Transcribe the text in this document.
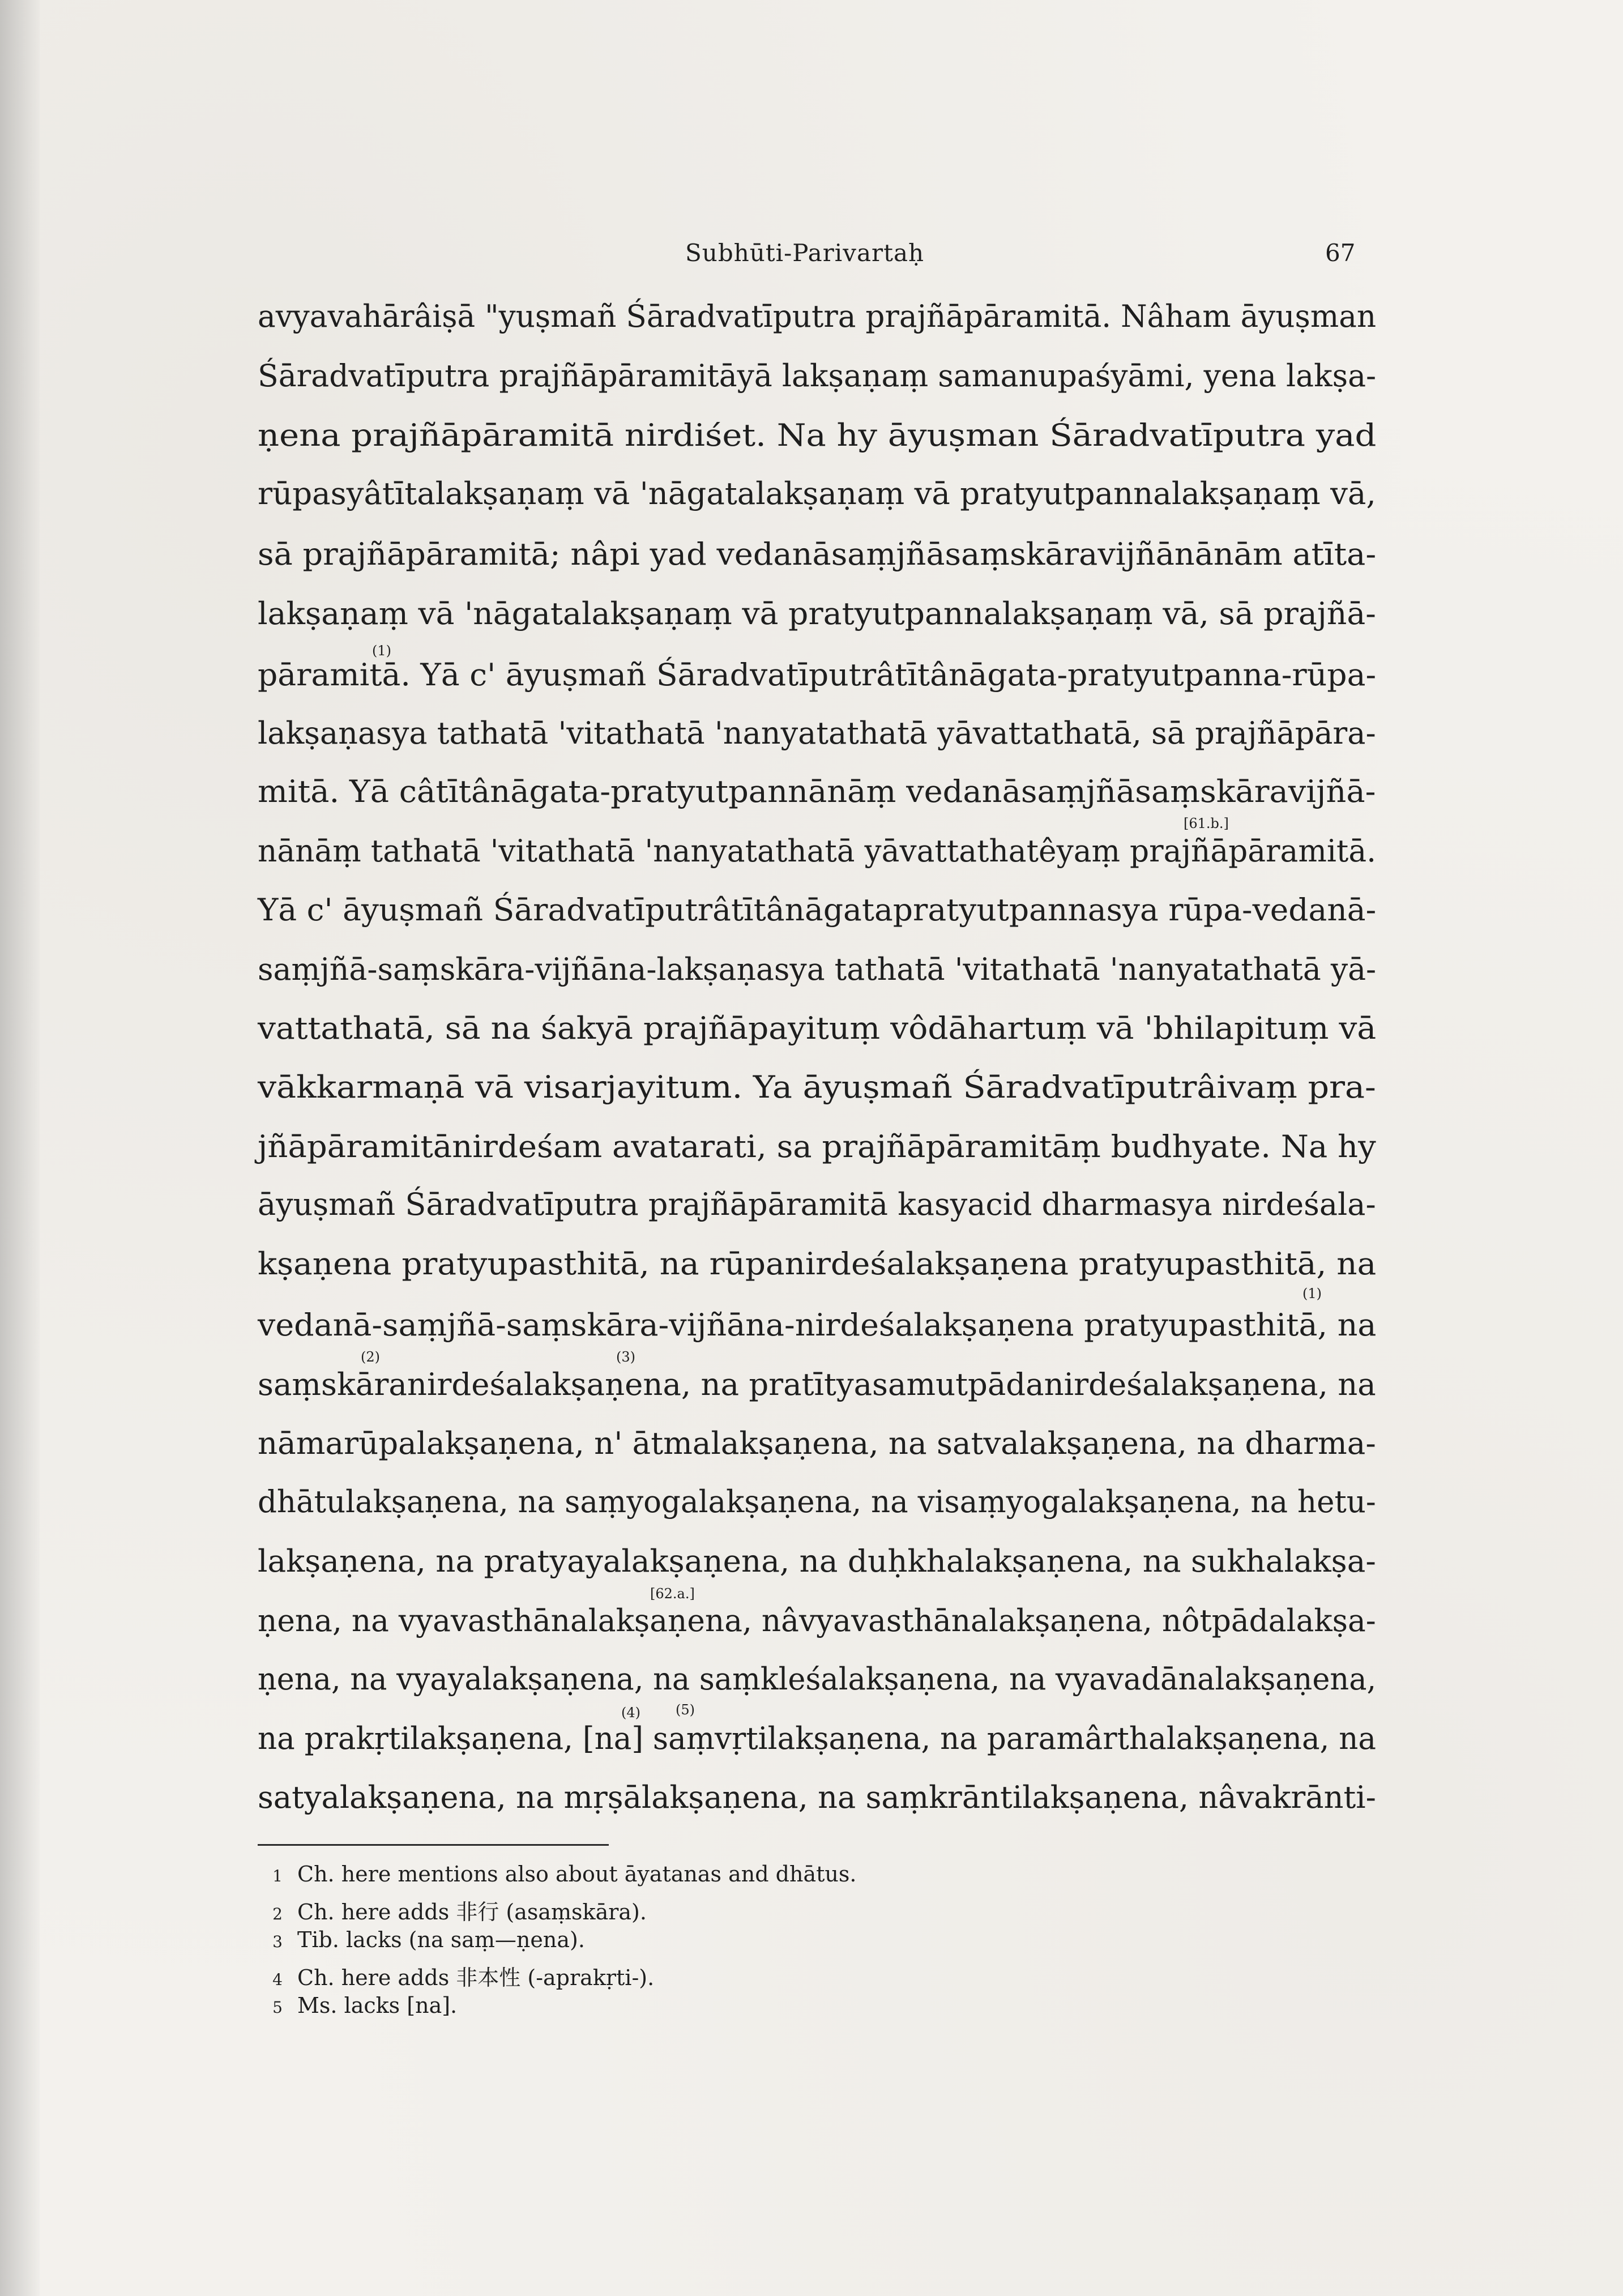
Subhūti-Parivartaḥ	67
avyavahārâiṣā "yuṣmañ Śāradvatīputra prajñāpāramitā. Nâham āyuṣman
Śāradvatīputra prajñāpāramitāyā lakṣaṇaṃ samanupaśyāmi, yena lakṣa-
ṇena prajñāpāramitā nirdiśet. Na hy āyuṣman Śāradvatīputra yad
rūpasyâtītalakṣaṇaṃ vā 'nāgatalakṣaṇaṃ vā pratyutpannalakṣaṇaṃ vā,
sā prajñāpāramitā; nâpi yad vedanāsaṃjñāsaṃskāravijñānānām atīta-
lakṣaṇaṃ vā 'nāgatalakṣaṇaṃ vā pratyutpannalakṣaṇaṃ vā, sā prajñā-
pāramitā. Yā c' āyuṣmañ Śāradvatīputrâtītânāgata-pratyutpanna-rūpa-
lakṣaṇasya tathatā 'vitathatā 'nanyatathatā yāvattathatā, sā prajñāpāra-
mitā. Yā câtītânāgata-pratyutpannānāṃ vedanāsaṃjñāsaṃskāravijñā-
nānāṃ tathatā 'vitathatā 'nanyatathatā yāvattathatêyaṃ prajñāpāramitā.
Yā c' āyuṣmañ Śāradvatīputrâtītânāgatapratyutpannasya rūpa-vedanā-
saṃjñā-saṃskāra-vijñāna-lakṣaṇasya tathatā 'vitathatā 'nanyatathatā yā-
vattathatā, sā na śakyā prajñāpayituṃ vôdāhartuṃ vā 'bhilapituṃ vā
vākkarmaṇā vā visarjayitum. Ya āyuṣmañ Śāradvatīputrâivaṃ pra-
jñāpāramitānirdeśam avatarati, sa prajñāpāramitāṃ budhyate. Na hy
āyuṣmañ Śāradvatīputra prajñāpāramitā kasyacid dharmasya nirdeśala-
kṣaṇena pratyupasthitā, na rūpanirdeśalakṣaṇena pratyupasthitā, na
vedanā-saṃjñā-saṃskāra-vijñāna-nirdeśalakṣaṇena pratyupasthitā, na
saṃskāranirdeśalakṣaṇena, na pratītyasamutpādanirdeśalakṣaṇena, na
nāmarūpalakṣaṇena, n' ātmalakṣaṇena, na satvalakṣaṇena, na dharma-
dhātulakṣaṇena, na saṃyogalakṣaṇena, na visaṃyogalakṣaṇena, na hetu-
lakṣaṇena, na pratyayalakṣaṇena, na duḥkhalakṣaṇena, na sukhalakṣa-
ṇena, na vyavasthānalakṣaṇena, nâvyavasthānalakṣaṇena, nôtpādalakṣa-
ṇena, na vyayalakṣaṇena, na saṃkleśalakṣaṇena, na vyavadānalakṣaṇena,
na prakṛtilakṣaṇena, [na] saṃvṛtilakṣaṇena, na paramârthalakṣaṇena, na
satyalakṣaṇena, na mṛṣālakṣaṇena, na saṃkrāntilakṣaṇena, nâvakrānti-
(1)
[61.b.]
(1)
(2)	(3)
[62.a.]
(4)	(5)
1 Ch. here mentions also about āyatanas and dhātus.
2 Ch. here adds 非行 (asaṃskāra).
3 Tib. lacks (na saṃ—ṇena).
4 Ch. here adds 非本性 (-aprakṛti-).
5 Ms. lacks [na].
